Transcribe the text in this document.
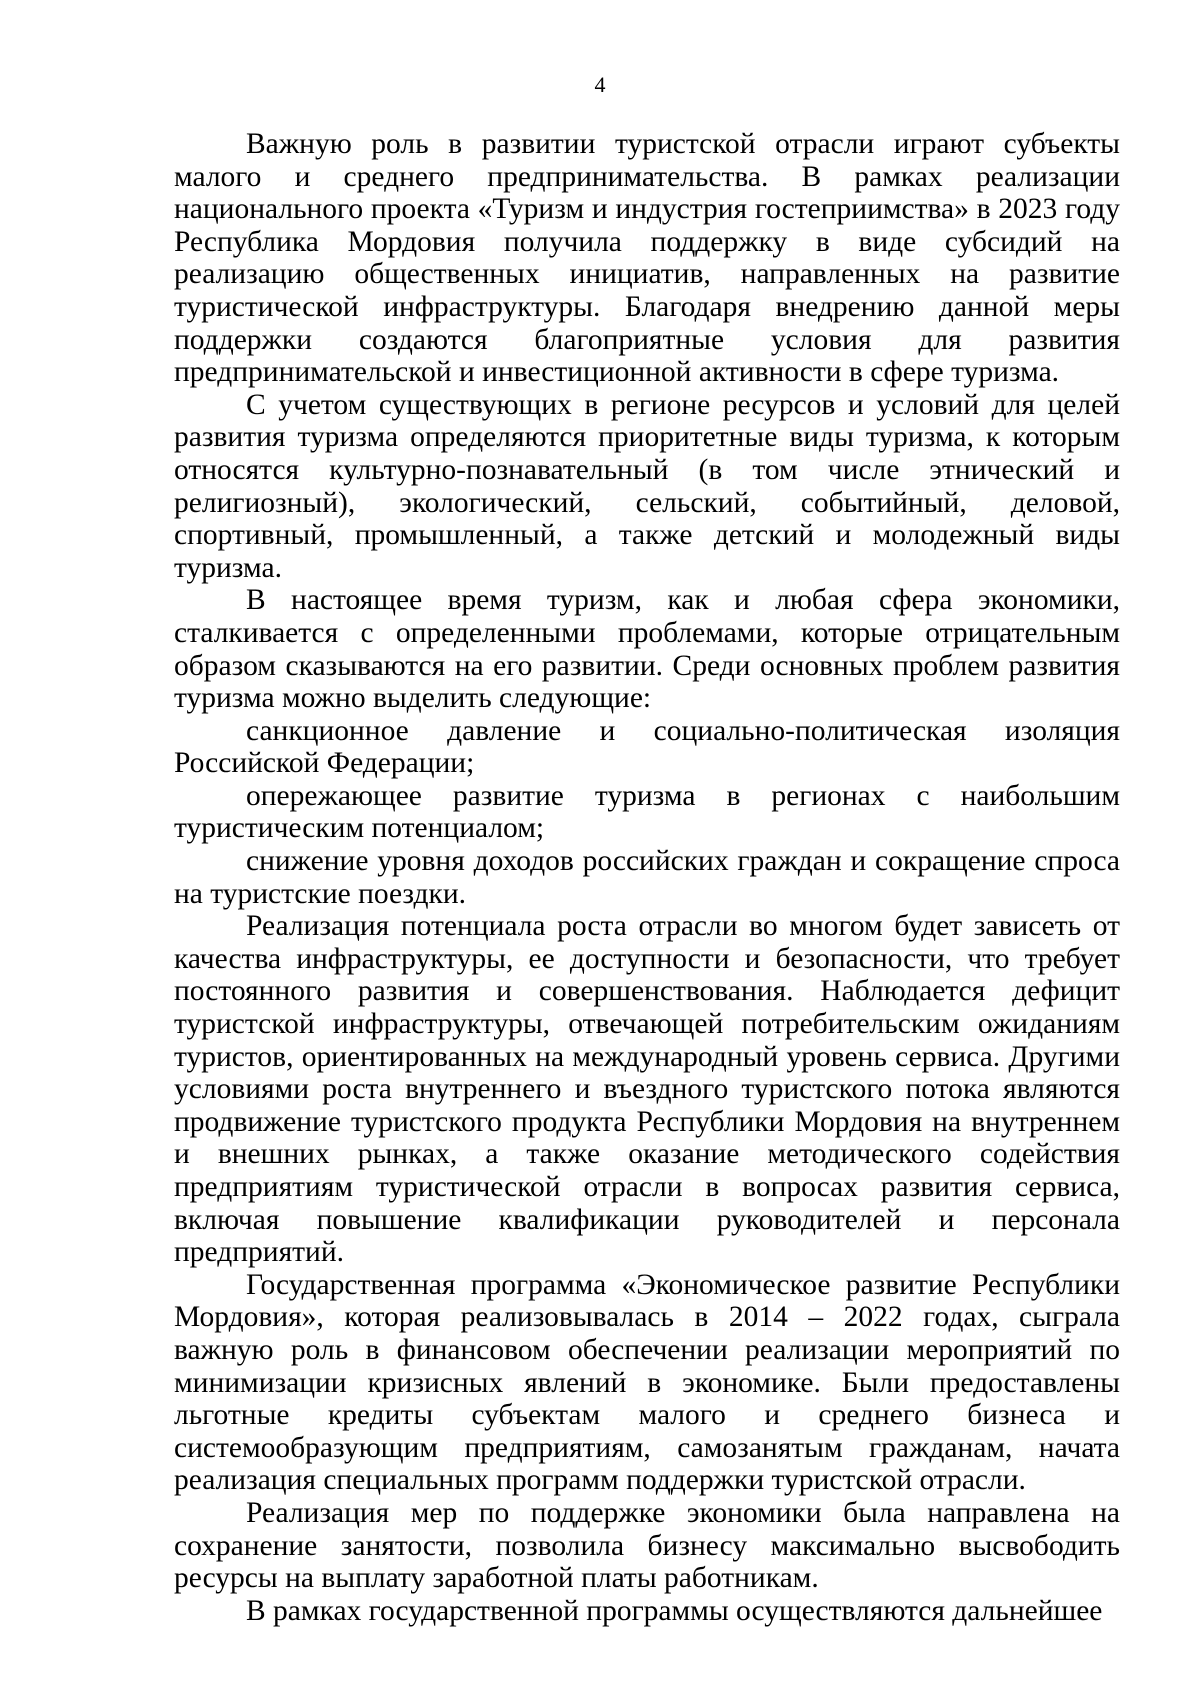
4

Важную роль в развитии туристской отрасли играют субъекты малого и среднего предпринимательства. В рамках реализации национального проекта «Туризм и индустрия гостеприимства» в 2023 году Республика Мордовия получила поддержку в виде субсидий на реализацию общественных инициатив, направленных на развитие туристической инфраструктуры. Благодаря внедрению данной меры поддержки создаются благоприятные условия для развития предпринимательской и инвестиционной активности в сфере туризма.

С учетом существующих в регионе ресурсов и условий для целей развития туризма определяются приоритетные виды туризма, к которым относятся культурно-познавательный (в том числе этнический и религиозный), экологический, сельский, событийный, деловой, спортивный, промышленный, а также детский и молодежный виды туризма.

В настоящее время туризм, как и любая сфера экономики, сталкивается с определенными проблемами, которые отрицательным образом сказываются на его развитии. Среди основных проблем развития туризма можно выделить следующие:

санкционное давление и социально-политическая изоляция Российской Федерации;

опережающее развитие туризма в регионах с наибольшим туристическим потенциалом;

снижение уровня доходов российских граждан и сокращение спроса на туристские поездки.

Реализация потенциала роста отрасли во многом будет зависеть от качества инфраструктуры, ее доступности и безопасности, что требует постоянного развития и совершенствования. Наблюдается дефицит туристской инфраструктуры, отвечающей потребительским ожиданиям туристов, ориентированных на международный уровень сервиса. Другими условиями роста внутреннего и въездного туристского потока являются продвижение туристского продукта Республики Мордовия на внутреннем и внешних рынках, а также оказание методического содействия предприятиям туристической отрасли в вопросах развития сервиса, включая повышение квалификации руководителей и персонала предприятий.

Государственная программа «Экономическое развитие Республики Мордовия», которая реализовывалась в 2014 – 2022 годах, сыграла важную роль в финансовом обеспечении реализации мероприятий по минимизации кризисных явлений в экономике. Были предоставлены льготные кредиты субъектам малого и среднего бизнеса и системообразующим предприятиям, самозанятым гражданам, начата реализация специальных программ поддержки туристской отрасли.

Реализация мер по поддержке экономики была направлена на сохранение занятости, позволила бизнесу максимально высвободить ресурсы на выплату заработной платы работникам.

В рамках государственной программы осуществляются дальнейшее
